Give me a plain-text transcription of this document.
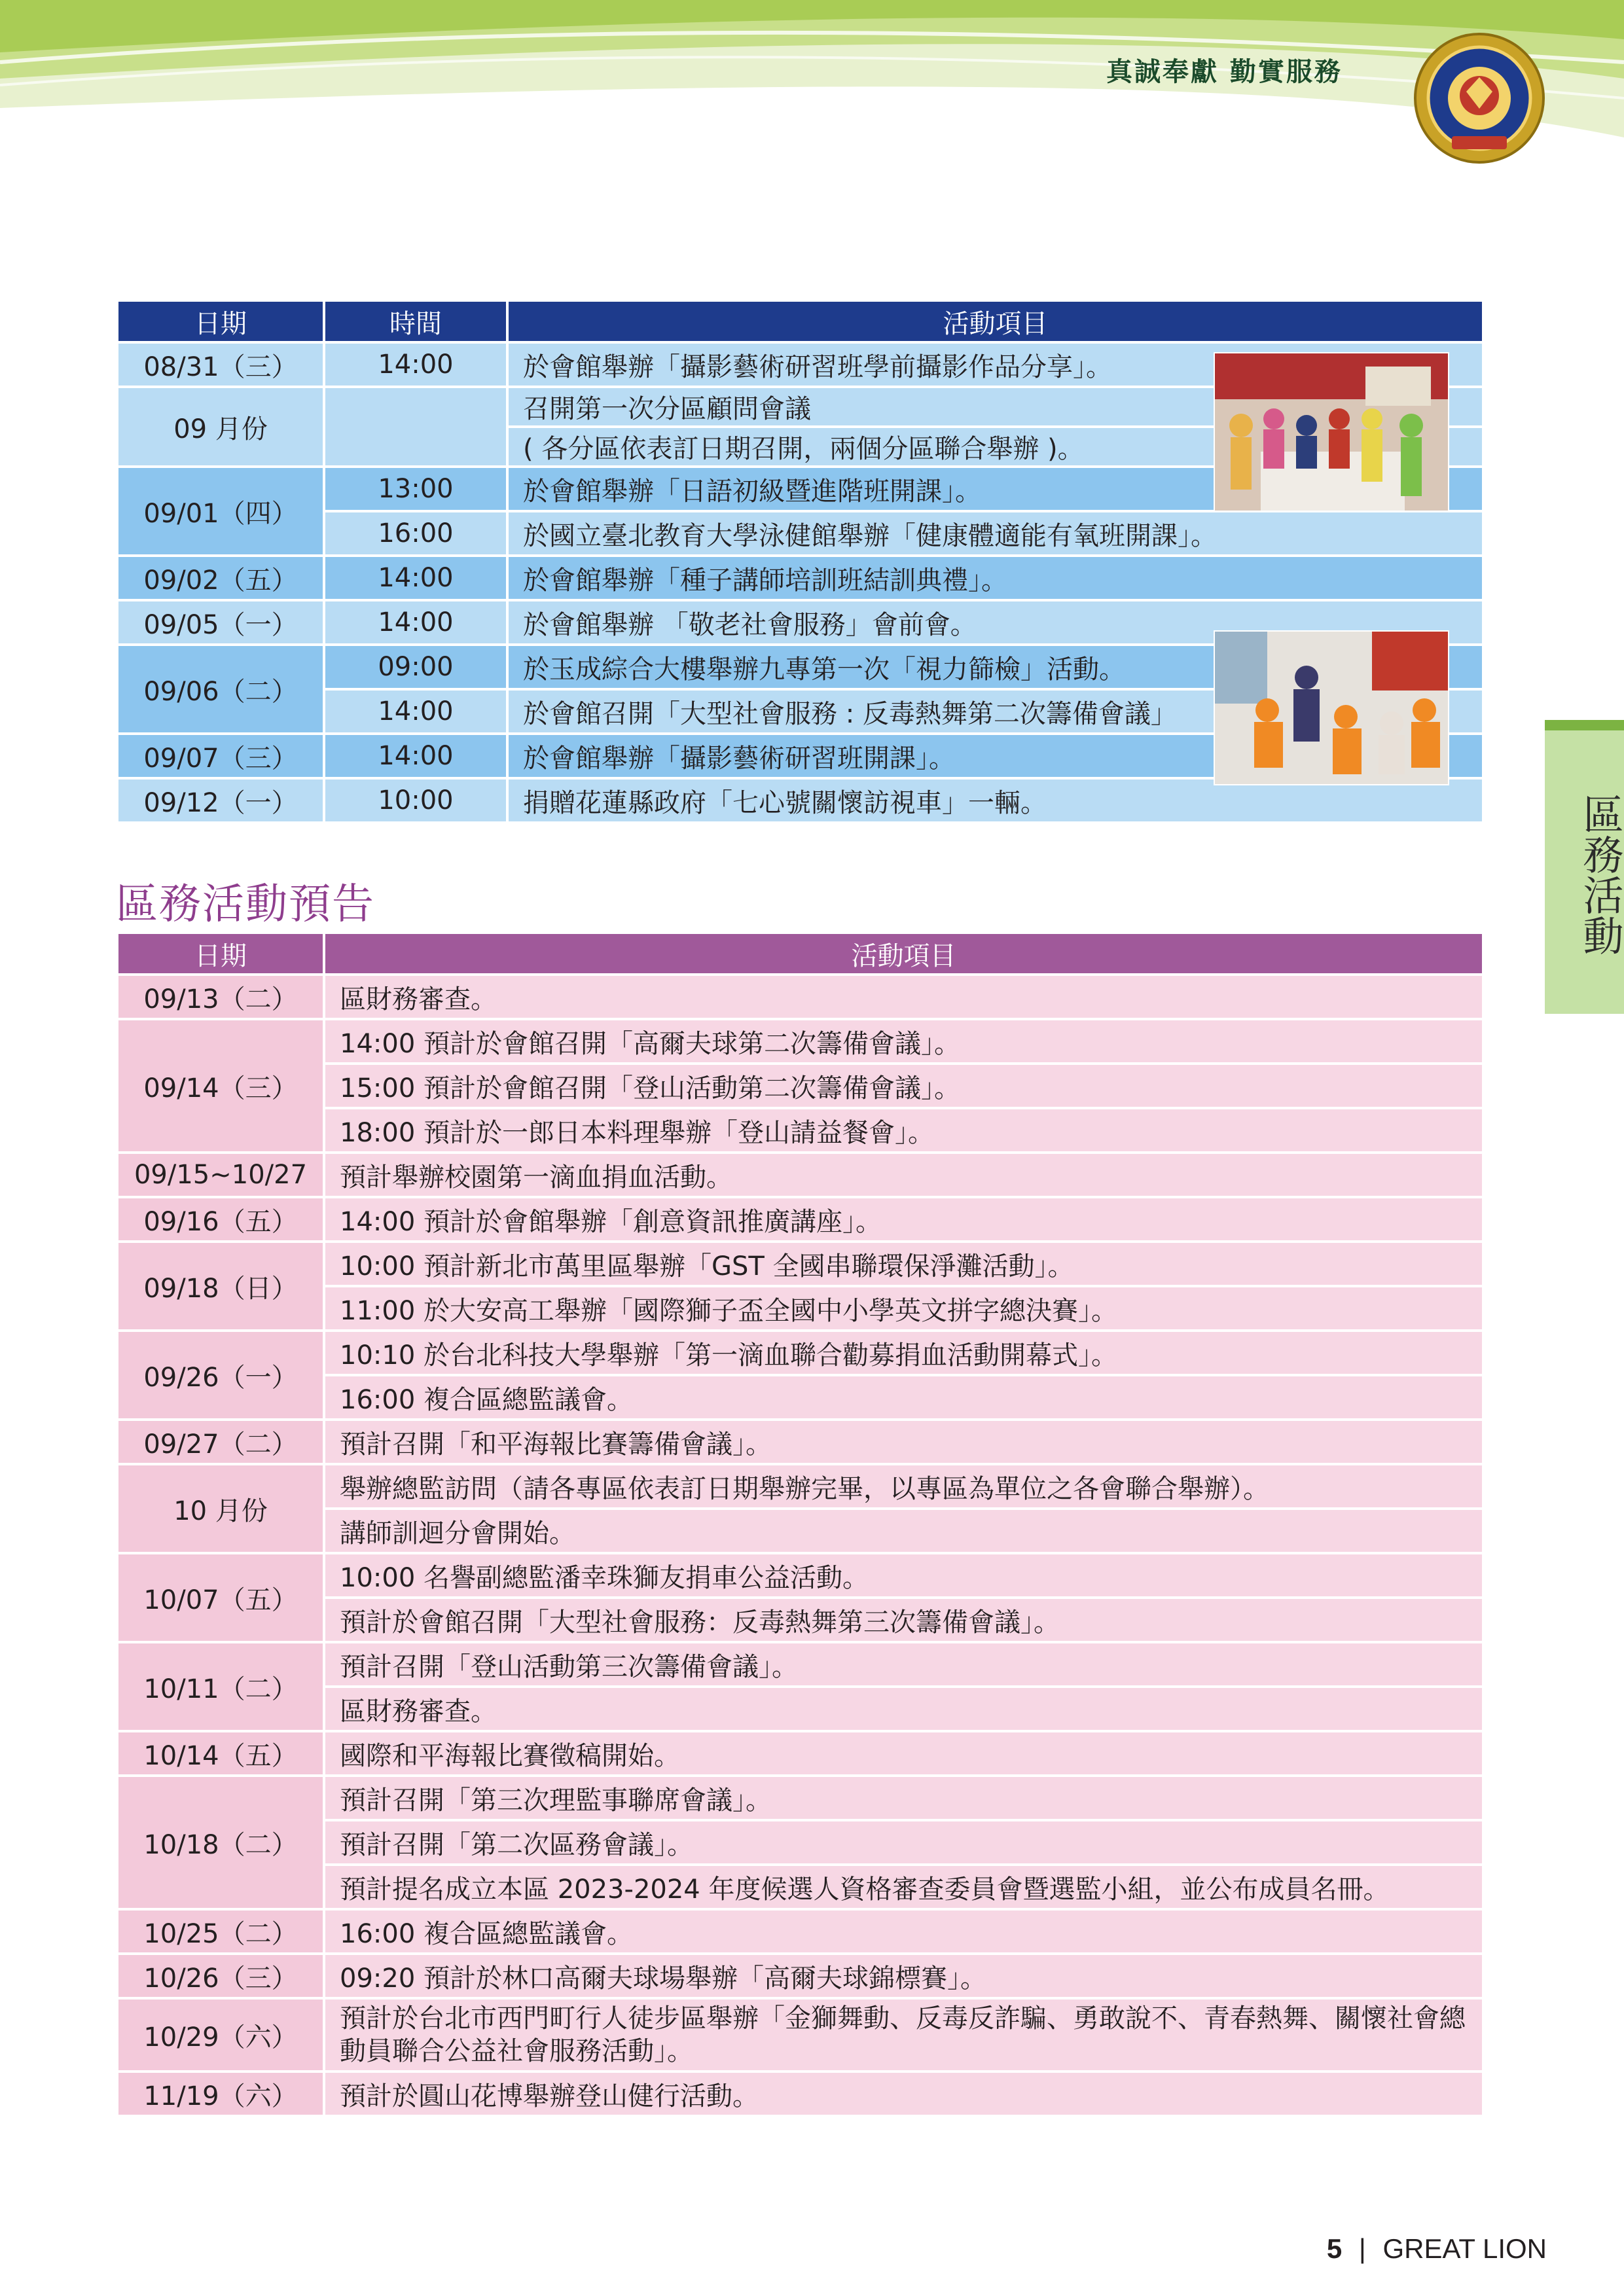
真誠奉獻 勤實服務
區務活動
日期	時間	活動項目
08/31（三）	14:00	於會館舉辦「攝影藝術研習班學前攝影作品分享」。
09 月份		召開第一次分區顧問會議
		( 各分區依表訂日期召開，兩個分區聯合舉辦 )。
09/01（四）	13:00	於會館舉辦「日語初級暨進階班開課」。
	16:00	於國立臺北教育大學泳健館舉辦「健康體適能有氧班開課」。
09/02（五）	14:00	於會館舉辦「種子講師培訓班結訓典禮」。
09/05（一）	14:00	於會館舉辦 「敬老社會服務」會前會。
09/06（二）	09:00	於玉成綜合大樓舉辦九專第一次「視力篩檢」活動。
	14:00	於會館召開「大型社會服務 : 反毒熱舞第二次籌備會議」
09/07（三）	14:00	於會館舉辦「攝影藝術研習班開課」。
09/12（一）	10:00	捐贈花蓮縣政府「七心號關懷訪視車」一輛。
區務活動預告
日期	活動項目
09/13（二）	區財務審查。
09/14（三）	14:00 預計於會館召開「高爾夫球第二次籌備會議」。
	15:00 預計於會館召開「登山活動第二次籌備會議」。
	18:00 預計於一郎日本料理舉辦「登山請益餐會」。
09/15~10/27	預計舉辦校園第一滴血捐血活動。
09/16（五）	14:00 預計於會館舉辦「創意資訊推廣講座」。
09/18（日）	10:00 預計新北市萬里區舉辦「GST 全國串聯環保淨灘活動」。
	11:00 於大安高工舉辦「國際獅子盃全國中小學英文拼字總決賽」。
09/26（一）	10:10 於台北科技大學舉辦「第一滴血聯合勸募捐血活動開幕式」。
	16:00 複合區總監議會。
09/27（二）	預計召開「和平海報比賽籌備會議」。
10 月份	舉辦總監訪問（請各專區依表訂日期舉辦完畢，以專區為單位之各會聯合舉辦）。
	講師訓迴分會開始。
10/07（五）	10:00 名譽副總監潘幸珠獅友捐車公益活動。
	預計於會館召開「大型社會服務：反毒熱舞第三次籌備會議」。
10/11（二）	預計召開「登山活動第三次籌備會議」。
	區財務審查。
10/14（五）	國際和平海報比賽徵稿開始。
10/18（二）	預計召開「第三次理監事聯席會議」。
	預計召開「第二次區務會議」。
	預計提名成立本區 2023-2024 年度候選人資格審查委員會暨選監小組，並公布成員名冊。
10/25（二）	16:00 複合區總監議會。
10/26（三）	09:20 預計於林口高爾夫球場舉辦「高爾夫球錦標賽」。
10/29（六）	預計於台北市西門町行人徒步區舉辦「金獅舞動、反毒反詐騙、勇敢說不、青春熱舞、關懷社會總動員聯合公益社會服務活動」。
11/19（六）	預計於圓山花博舉辦登山健行活動。
5 | GREAT LION
